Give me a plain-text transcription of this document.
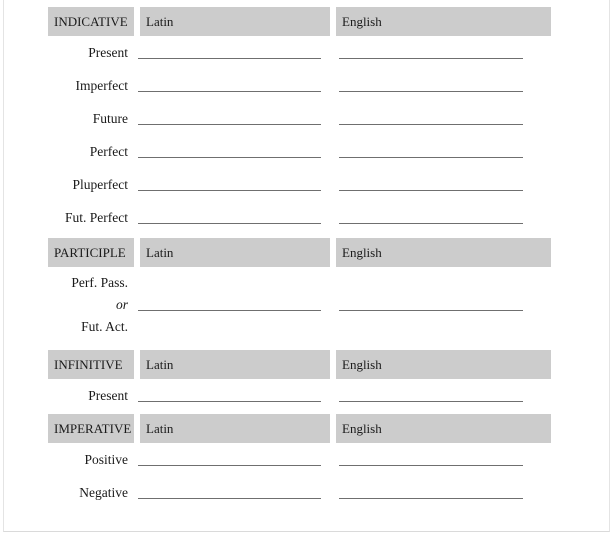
INDICATIVE	Latin	English
Present
Imperfect
Future
Perfect
Pluperfect
Fut. Perfect
PARTICIPLE	Latin	English
Perf. Pass.
or
Fut. Act.
INFINITIVE	Latin	English
Present
IMPERATIVE	Latin	English
Positive
Negative
